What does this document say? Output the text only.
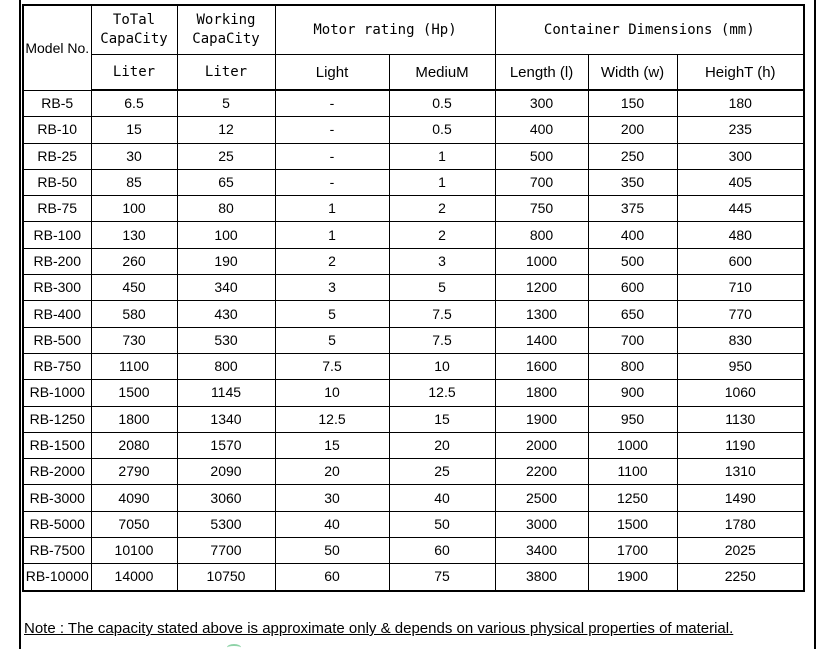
Model No.	ToTal CapaCity	Working CapaCity	Motor rating (Hp)		Container Dimensions (mm)		
	Liter	Liter	Light	MediuM	Length (l)	Width (w)	HeighT (h)
RB-5	6.5	5	-	0.5	300	150	180
RB-10	15	12	-	0.5	400	200	235
RB-25	30	25	-	1	500	250	300
RB-50	85	65	-	1	700	350	405
RB-75	100	80	1	2	750	375	445
RB-100	130	100	1	2	800	400	480
RB-200	260	190	2	3	1000	500	600
RB-300	450	340	3	5	1200	600	710
RB-400	580	430	5	7.5	1300	650	770
RB-500	730	530	5	7.5	1400	700	830
RB-750	1100	800	7.5	10	1600	800	950
RB-1000	1500	1145	10	12.5	1800	900	1060
RB-1250	1800	1340	12.5	15	1900	950	1130
RB-1500	2080	1570	15	20	2000	1000	1190
RB-2000	2790	2090	20	25	2200	1100	1310
RB-3000	4090	3060	30	40	2500	1250	1490
RB-5000	7050	5300	40	50	3000	1500	1780
RB-7500	10100	7700	50	60	3400	1700	2025
RB-10000	14000	10750	60	75	3800	1900	2250
Note : The capacity stated above is approximate only & depends on various physical properties of material.
